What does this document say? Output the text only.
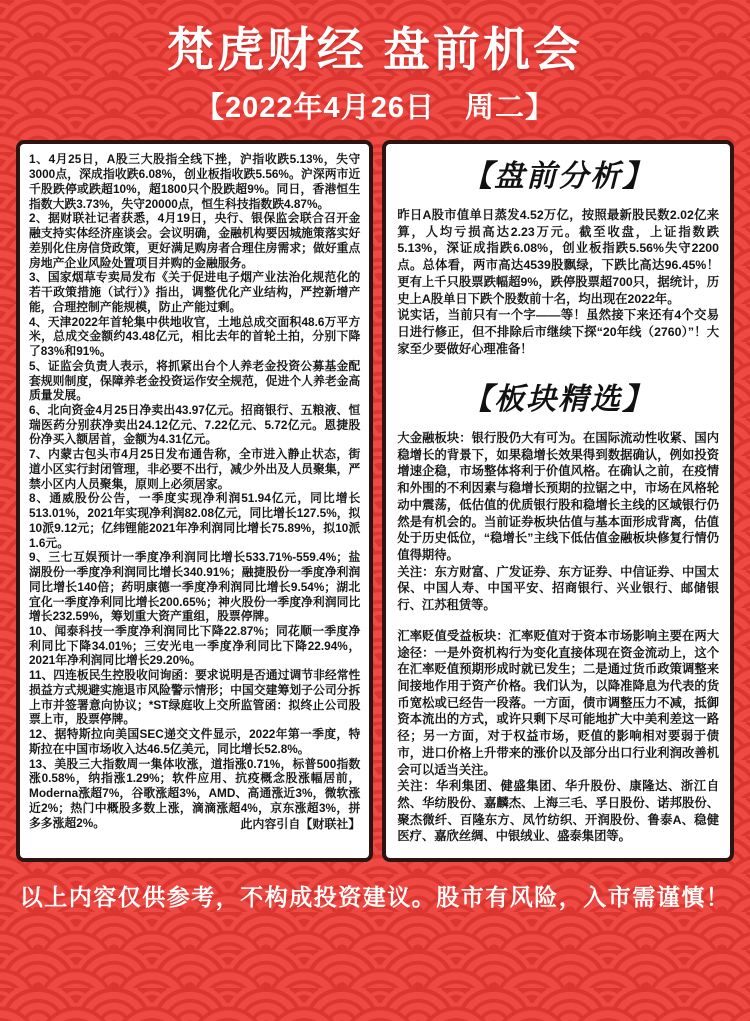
梵虎财经 盘前机会
【2022年4月26日　周二】

1、4月25日，A股三大股指全线下挫，沪指收跌5.13%，失守3000点，深成指收跌6.08%，创业板指收跌5.56%。沪深两市近千股跌停或跌超10%，超1800只个股跌超9%。同日，香港恒生指数大跌3.73%，失守20000点，恒生科技指数跌4.87%。

2、据财联社记者获悉，4月19日，央行、银保监会联合召开金融支持实体经济座谈会。会议明确，金融机构要因城施策落实好差别化住房信贷政策，更好满足购房者合理住房需求；做好重点房地产企业风险处置项目并购的金融服务。

3、国家烟草专卖局发布《关于促进电子烟产业法治化规范化的若干政策措施（试行）》指出，调整优化产业结构，严控新增产能，合理控制产能规模，防止产能过剩。

4、天津2022年首轮集中供地收官，土地总成交面积48.6万平方米，总成交金额约43.48亿元，相比去年的首轮土拍，分别下降了83%和91%。

5、证监会负责人表示，将抓紧出台个人养老金投资公募基金配套规则制度，保障养老金投资运作安全规范，促进个人养老金高质量发展。

6、北向资金4月25日净卖出43.97亿元。招商银行、五粮液、恒瑞医药分别获净卖出24.12亿元、7.22亿元、5.72亿元。恩捷股份净买入额居首，金额为4.31亿元。

7、内蒙古包头市4月25日发布通告称，全市进入静止状态，街道小区实行封闭管理，非必要不出行，减少外出及人员聚集，严禁小区内人员聚集，原则上必须居家。

8、通威股份公告，一季度实现净利润51.94亿元，同比增长513.01%，2021年实现净利润82.08亿元，同比增长127.5%，拟10派9.12元；亿纬锂能2021年净利润同比增长75.89%，拟10派1.6元。

9、三七互娱预计一季度净利润同比增长533.71%-559.4%；盐湖股份一季度净利润同比增长340.91%；融捷股份一季度净利润同比增长140倍；药明康德一季度净利润同比增长9.54%；湖北宜化一季度净利同比增长200.65%；神火股份一季度净利润同比增长232.59%，筹划重大资产重组，股票停牌。

10、闻泰科技一季度净利润同比下降22.87%；同花顺一季度净利同比下降34.01%；三安光电一季度净利同比下降22.94%，2021年净利润同比增长29.20%。

11、四连板民生控股收问询函：要求说明是否通过调节非经常性损益方式规避实施退市风险警示情形；中国交建筹划子公司分拆上市并签署意向协议；*ST绿庭收上交所监管函：拟终止公司股票上市，股票停牌。

12、据特斯拉向美国SEC递交文件显示，2022年第一季度，特斯拉在中国市场收入达46.5亿美元，同比增长52.8%。

13、美股三大指数周一集体收涨，道指涨0.71%，标普500指数涨0.58%，纳指涨1.29%；软件应用、抗疫概念股涨幅居前，Moderna涨超7%，谷歌涨超3%，AMD、高通涨近3%，微软涨近2%；热门中概股多数上涨，滴滴涨超4%，京东涨超3%，拼多多涨超2%。	此内容引自【财联社】
【盘前分析】

昨日A股市值单日蒸发4.52万亿，按照最新股民数2.02亿来算，人均亏损高达2.23万元。截至收盘，上证指数跌5.13%，深证成指跌6.08%，创业板指跌5.56%失守2200点。总体看，两市高达4539股飘绿，下跌比高达96.45%！更有上千只股票跌幅超9%，跌停股票超700只，据统计，历史上A股单日下跌个股数前十名，均出现在2022年。

说实话，当前只有一个字——等！虽然接下来还有4个交易日进行修正，但不排除后市继续下探“20年线（2760）”！大家至少要做好心理准备！

【板块精选】

大金融板块：银行股仍大有可为。在国际流动性收紧、国内稳增长的背景下，如果稳增长效果得到数据确认，例如投资增速企稳，市场整体将利于价值风格。在确认之前，在疫情和外围的不利因素与稳增长预期的拉锯之中，市场在风格轮动中震荡，低估值的优质银行股和稳增长主线的区域银行仍然是有机会的。当前证券板块估值与基本面形成背离，估值处于历史低位，“稳增长”主线下低估值金融板块修复行情仍值得期待。

关注：东方财富、广发证券、东方证券、中信证券、中国太保、中国人寿、中国平安、招商银行、兴业银行、邮储银行、江苏租赁等。

汇率贬值受益板块：汇率贬值对于资本市场影响主要在两大途径：一是外资机构行为变化直接体现在资金流动上，这个在汇率贬值预期形成时就已发生；二是通过货币政策调整来间接地作用于资产价格。我们认为，以降准降息为代表的货币宽松或已经告一段落。一方面，债市调整压力不减，抵御资本流出的方式，或许只剩下尽可能地扩大中美利差这一路径；另一方面，对于权益市场，贬值的影响相对要弱于债市，进口价格上升带来的涨价以及部分出口行业利润改善机会可以适当关注。

关注：华利集团、健盛集团、华升股份、康隆达、浙江自然、华纺股份、嘉麟杰、上海三毛、孚日股份、诺邦股份、聚杰微纤、百隆东方、凤竹纺织、开润股份、鲁泰A、稳健医疗、嘉欣丝绸、中银绒业、盛泰集团等。

以上内容仅供参考，不构成投资建议。股市有风险，入市需谨慎！
